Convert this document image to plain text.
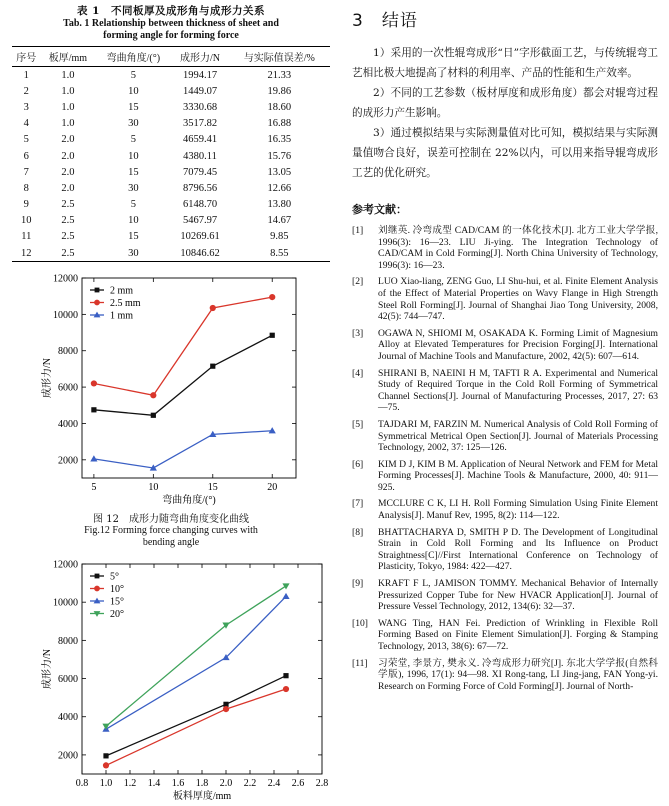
表 1　不同板厚及成形角与成形力关系
Tab. 1 Relationship between thickness of sheet and
forming angle for forming force
序号	板厚/mm	弯曲角度/(°)	成形力/N	与实际值误差/%
1	1.0	5	1994.17	21.33
2	1.0	10	1449.07	19.86
3	1.0	15	3330.68	18.60
4	1.0	30	3517.82	16.88
5	2.0	5	4659.41	16.35
6	2.0	10	4380.11	15.76
7	2.0	15	7079.45	13.05
8	2.0	30	8796.56	12.66
9	2.5	5	6148.70	13.80
10	2.5	10	5467.97	14.67
11	2.5	15	10269.61	9.85
12	2.5	30	10846.62	8.55
5	10	15	20
2000
4000
6000
8000
10000
12000
弯曲角度/(°)
成形力/N
2 mm
2.5 mm
1 mm
图 12　成形力随弯曲角度变化曲线
Fig.12 Forming force changing curves with
bending angle
0.8 1.0 1.2 1.4 1.6 1.8 2.0 2.2 2.4 2.6 2.8
2000
4000
6000
8000
10000
12000
板料厚度/mm
成形力/N
5°
10°
15°
20°
3 结语

1）采用的一次性辊弯成形“日”字形截面工艺，与传统辊弯工艺相比极大地提高了材料的利用率、产品的性能和生产效率。

2）不同的工艺参数（板材厚度和成形角度）都会对辊弯过程的成形力产生影响。

3）通过模拟结果与实际测量值对比可知，模拟结果与实际测量值吻合良好，误差可控制在 22%以内，可以用来指导辊弯成形工艺的优化研究。

参考文献：
[1]	刘继英. 冷弯成型 CAD/CAM 的一体化技术[J]. 北方工业大学学报, 1996(3): 16—23. LIU Ji-ying. The Integration Technology of CAD/CAM in Cold Forming[J]. North China University of Technology, 1996(3): 16—23.
[2]	LUO Xiao-liang, ZENG Guo, LI Shu-hui, et al. Finite Element Analysis of the Effect of Material Properties on Wavy Flange in High Strength Steel Roll Forming[J]. Journal of Shanghai Jiao Tong University, 2008, 42(5): 744—747.
[3]	OGAWA N, SHIOMI M, OSAKADA K. Forming Limit of Magnesium Alloy at Elevated Temperatures for Precision Forging[J]. International Journal of Machine Tools and Manufacture, 2002, 42(5): 607—614.
[4]	SHIRANI B, NAEINI H M, TAFTI R A. Experimental and Numerical Study of Required Torque in the Cold Roll Forming of Symmetrical Channel Sections[J]. Journal of Manufacturing Processes, 2017, 27: 63—75.
[5]	TAJDARI M, FARZIN M. Numerical Analysis of Cold Roll Forming of Symmetrical Metrical Open Section[J]. Journal of Materials Processing Technology, 2002, 37: 125—126.
[6]	KIM D J, KIM B M. Application of Neural Network and FEM for Metal Forming Processes[J]. Machine Tools & Manufacture, 2000, 40: 911—925.
[7]	MCCLURE C K, LI H. Roll Forming Simulation Using Finite Element Analysis[J]. Manuf Rev, 1995, 8(2): 114—122.
[8]	BHATTACHARYA D, SMITH P D. The Development of Longitudinal Strain in Cold Roll Forming and Its Influence on Product Straightness[C]//First International Conference on Technology of Plasticity, Tokyo, 1984: 422—427.
[9]	KRAFT F L, JAMISON TOMMY. Mechanical Behavior of Internally Pressurized Copper Tube for New HVACR Application[J]. Journal of Pressure Vessel Technology, 2012, 134(6): 32—37.
[10]	WANG Ting, HAN Fei. Prediction of Wrinkling in Flexible Roll Forming Based on Finite Element Simulation[J]. Forging & Stamping Technology, 2013, 38(6): 67—72.
[11]	习荣堂, 李景方, 樊永义. 冷弯成形力研究[J]. 东北大学学报(自然科学版), 1996, 17(1): 94—98. XI Rong-tang, LI Jing-jang, FAN Yong-yi. Research on Forming Force of Cold Forming[J]. Journal of North-
